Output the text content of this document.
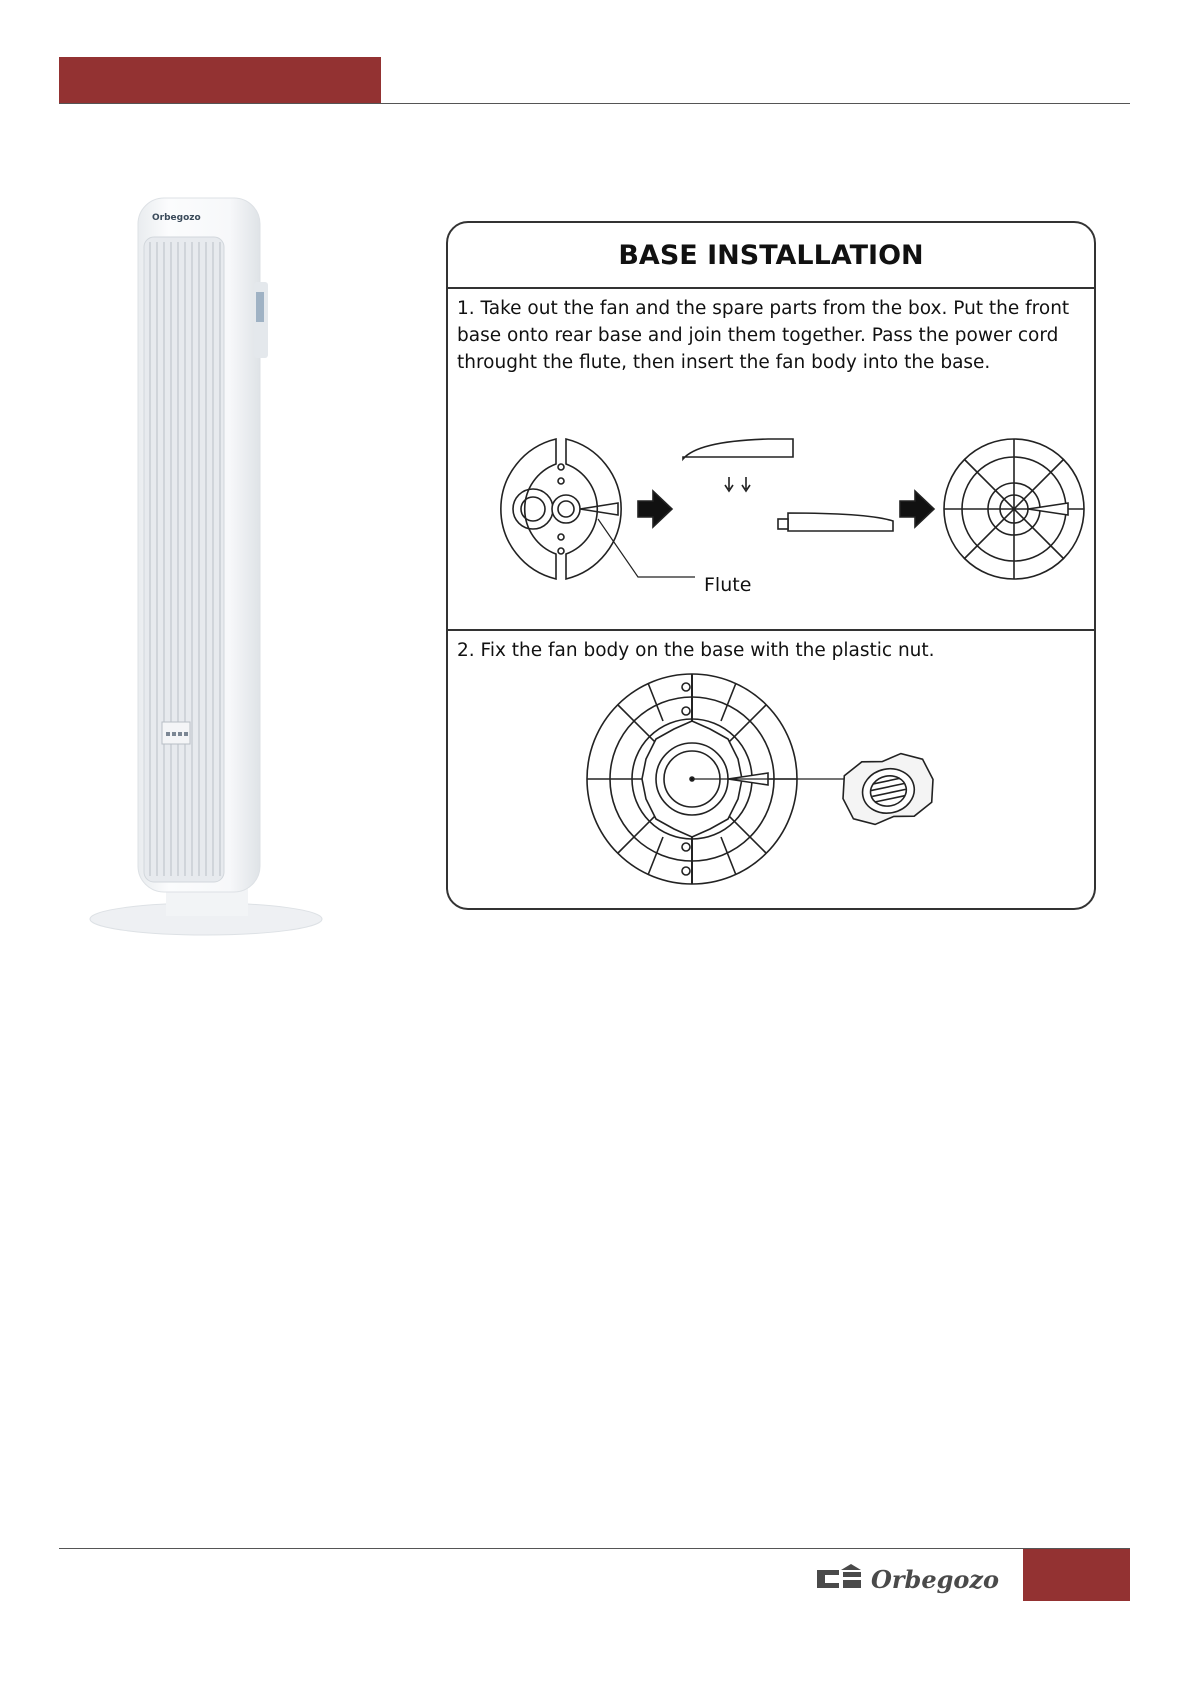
Orbegozo
BASE INSTALLATION

1. Take out the fan and the spare parts from the box. Put the front base onto rear base and join them together. Pass the power cord throught the flute, then insert the fan body into the base.

Flute

2. Fix the fan body on the base with the plastic nut.

Orbegozo
